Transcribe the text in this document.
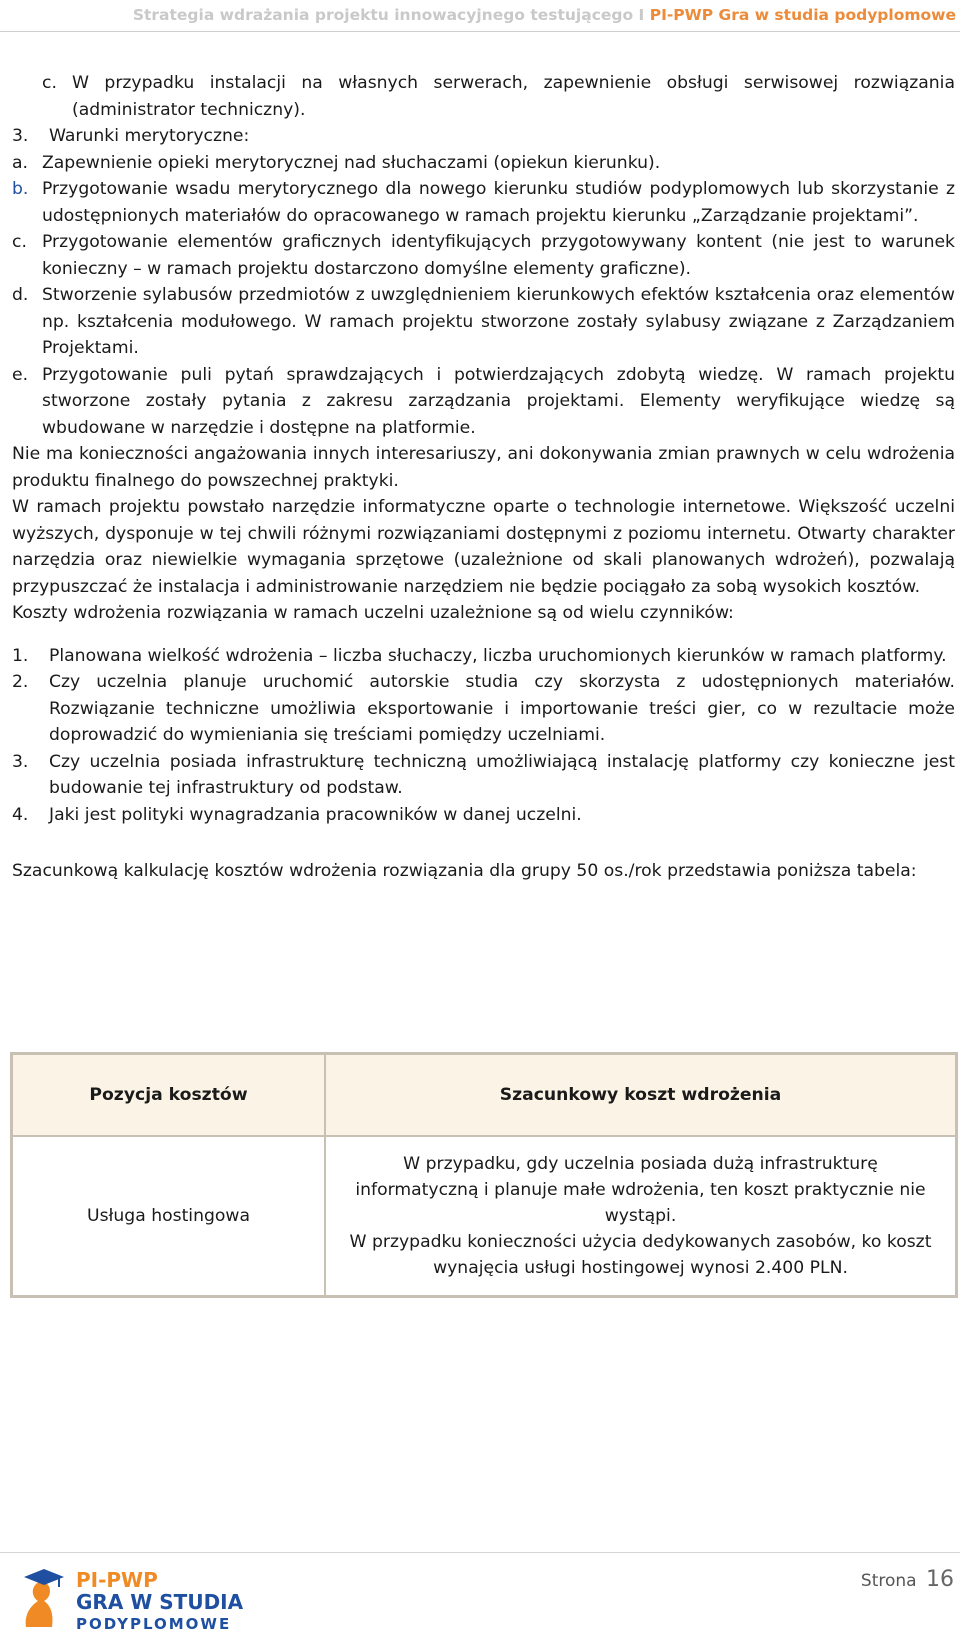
Strategia wdrażania projektu innowacyjnego testującego I PI-PWP Gra w studia podyplomowe
c. W przypadku instalacji na własnych serwerach, zapewnienie obsługi serwisowej rozwiązania (administrator techniczny).
3.	Warunki merytoryczne:
a. Zapewnienie opieki merytorycznej nad słuchaczami (opiekun kierunku).
b. Przygotowanie wsadu merytorycznego dla nowego kierunku studiów podyplomowych lub skorzystanie z udostępnionych materiałów do opracowanego w ramach projektu kierunku „Zarządzanie projektami”.
c. Przygotowanie elementów graficznych identyfikujących przygotowywany kontent (nie jest to warunek konieczny – w ramach projektu dostarczono domyślne elementy graficzne).
d. Stworzenie sylabusów przedmiotów z uwzględnieniem kierunkowych efektów kształcenia oraz elementów np. kształcenia modułowego. W ramach projektu stworzone zostały sylabusy związane z Zarządzaniem Projektami.
e. Przygotowanie puli pytań sprawdzających i potwierdzających zdobytą wiedzę. W ramach projektu stworzone zostały pytania z zakresu zarządzania projektami. Elementy weryfikujące wiedzę są wbudowane w narzędzie i dostępne na platformie.

Nie ma konieczności angażowania innych interesariuszy, ani dokonywania zmian prawnych w celu wdrożenia produktu finalnego do powszechnej praktyki.

W ramach projektu powstało narzędzie informatyczne oparte o technologie internetowe. Większość uczelni wyższych, dysponuje w tej chwili różnymi rozwiązaniami dostępnymi z poziomu internetu. Otwarty charakter narzędzia oraz niewielkie wymagania sprzętowe (uzależnione od skali planowanych wdrożeń), pozwalają przypuszczać że instalacja i administrowanie narzędziem nie będzie pociągało za sobą wysokich kosztów.

Koszty wdrożenia rozwiązania w ramach uczelni uzależnione są od wielu czynników:

1.	Planowana wielkość wdrożenia – liczba słuchaczy, liczba uruchomionych kierunków w ramach platformy.
2.	Czy uczelnia planuje uruchomić autorskie studia czy skorzysta z udostępnionych materiałów. Rozwiązanie techniczne umożliwia eksportowanie i importowanie treści gier, co w rezultacie może doprowadzić do wymieniania się treściami pomiędzy uczelniami.
3.	Czy uczelnia posiada infrastrukturę techniczną umożliwiającą instalację platformy czy konieczne jest budowanie tej infrastruktury od podstaw.
4.	Jaki jest polityki wynagradzania pracowników w danej uczelni.

Szacunkową kalkulację kosztów wdrożenia rozwiązania dla grupy 50 os./rok przedstawia poniższa tabela:

Pozycja kosztów	Szacunkowy koszt wdrożenia
Usługa hostingowa	W przypadku, gdy uczelnia posiada dużą infrastrukturę informatyczną i planuje małe wdrożenia, ten koszt praktycznie nie wystąpi.
W przypadku konieczności użycia dedykowanych zasobów, ko koszt wynajęcia usługi hostingowej wynosi 2.400 PLN.
PI-PWP
GRA W STUDIA
PODYPLOMOWE
Strona 16
